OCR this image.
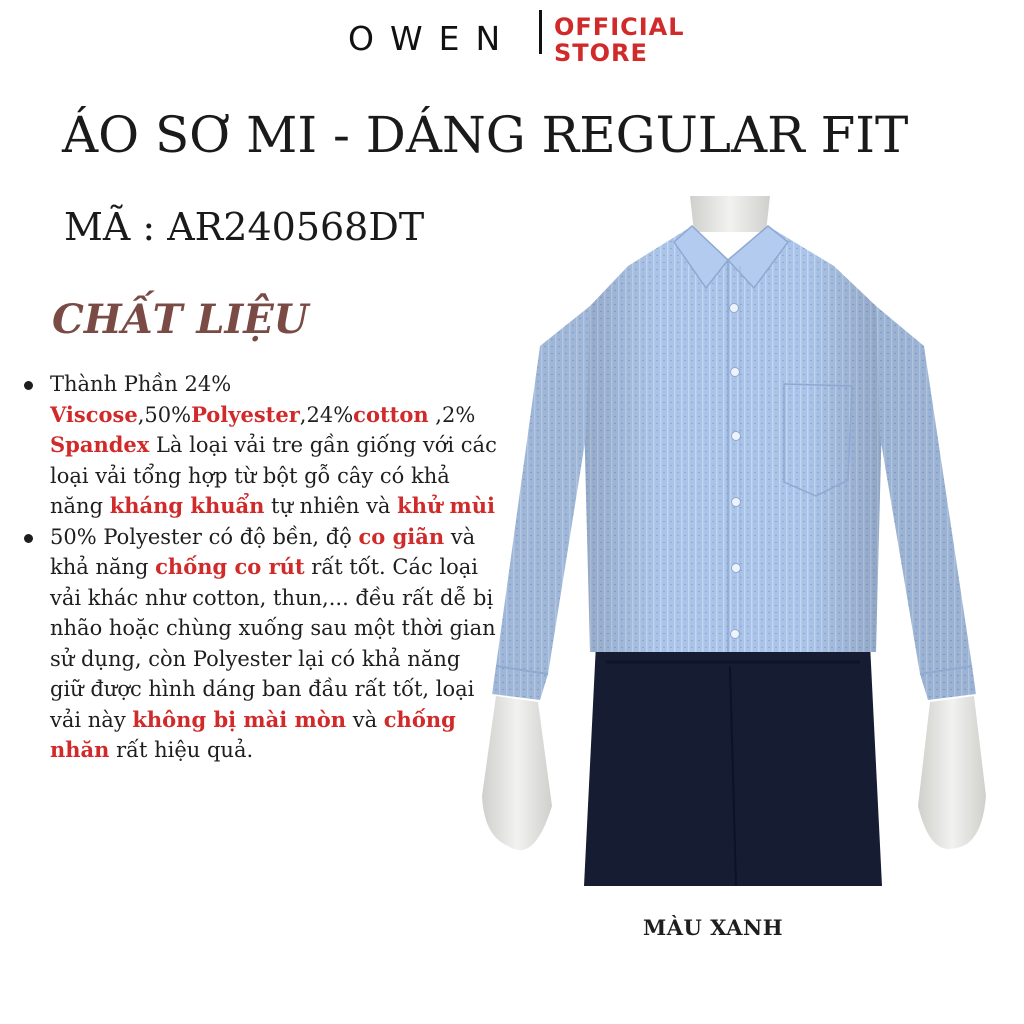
OWEN OFFICIAL
STORE
ÁO SƠ MI - DÁNG REGULAR FIT
MÃ : AR240568DT
CHẤT LIỆU
Thành Phần 24% Viscose,50%Polyester,24%cotton ,2% Spandex Là loại vải tre gần giống với các loại vải tổng hợp từ bột gỗ cây có khả năng kháng khuẩn tự nhiên và khử mùi
50% Polyester có độ bền, độ co giãn và khả năng chống co rút rất tốt. Các loại vải khác như cotton, thun,... đều rất dễ bị nhão hoặc chùng xuống sau một thời gian sử dụng, còn Polyester lại có khả năng giữ được hình dáng ban đầu rất tốt, loại vải này không bị mài mòn và chống nhăn rất hiệu quả.
MÀU XANH
